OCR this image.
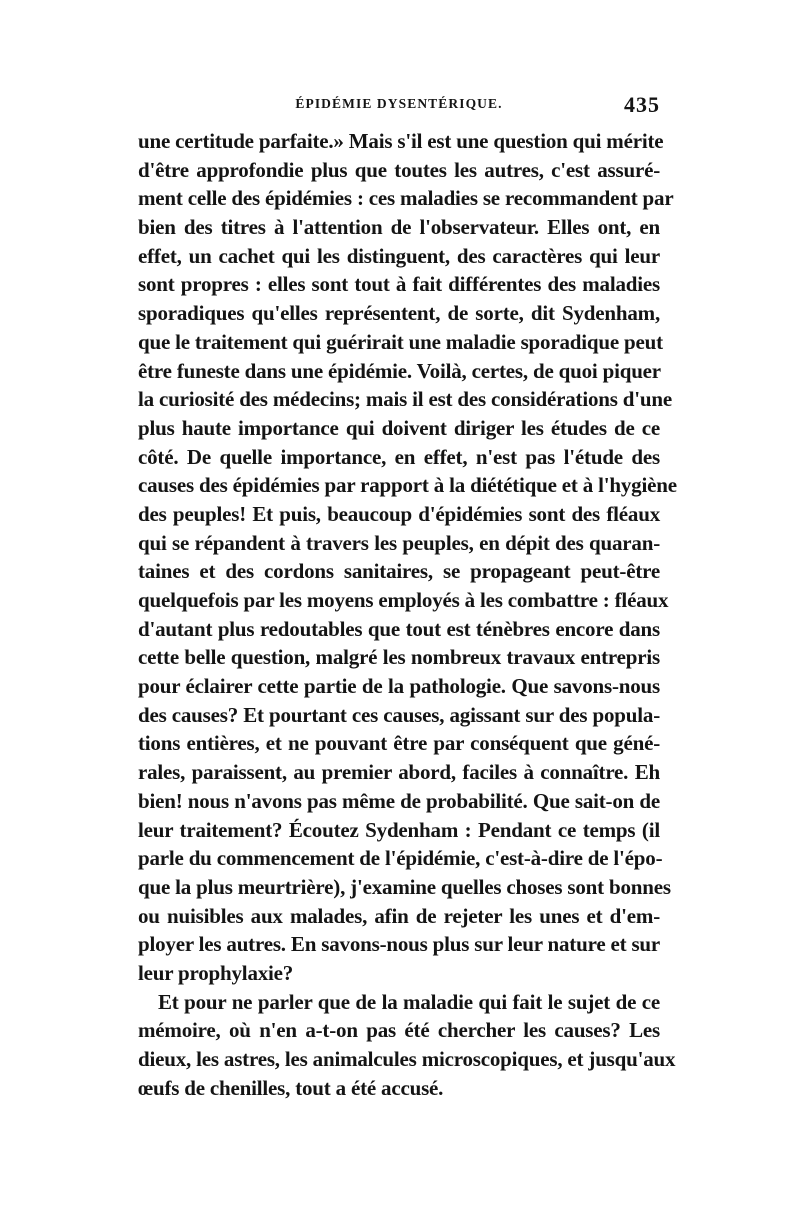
ÉPIDÉMIE DYSENTÉRIQUE.	435
une certitude parfaite.» Mais s'il est une question qui mérite
d'être approfondie plus que toutes les autres, c'est assuré-
ment celle des épidémies : ces maladies se recommandent par
bien des titres à l'attention de l'observateur. Elles ont, en
effet, un cachet qui les distinguent, des caractères qui leur
sont propres : elles sont tout à fait différentes des maladies
sporadiques qu'elles représentent, de sorte, dit Sydenham,
que le traitement qui guérirait une maladie sporadique peut
être funeste dans une épidémie. Voilà, certes, de quoi piquer
la curiosité des médecins; mais il est des considérations d'une
plus haute importance qui doivent diriger les études de ce
côté. De quelle importance, en effet, n'est pas l'étude des
causes des épidémies par rapport à la diététique et à l'hygiène
des peuples! Et puis, beaucoup d'épidémies sont des fléaux
qui se répandent à travers les peuples, en dépit des quaran-
taines et des cordons sanitaires, se propageant peut-être
quelquefois par les moyens employés à les combattre : fléaux
d'autant plus redoutables que tout est ténèbres encore dans
cette belle question, malgré les nombreux travaux entrepris
pour éclairer cette partie de la pathologie. Que savons-nous
des causes? Et pourtant ces causes, agissant sur des popula-
tions entières, et ne pouvant être par conséquent que géné-
rales, paraissent, au premier abord, faciles à connaître. Eh
bien! nous n'avons pas même de probabilité. Que sait-on de
leur traitement? Écoutez Sydenham : Pendant ce temps (il
parle du commencement de l'épidémie, c'est-à-dire de l'épo-
que la plus meurtrière), j'examine quelles choses sont bonnes
ou nuisibles aux malades, afin de rejeter les unes et d'em-
ployer les autres. En savons-nous plus sur leur nature et sur
leur prophylaxie?
Et pour ne parler que de la maladie qui fait le sujet de ce
mémoire, où n'en a-t-on pas été chercher les causes? Les
dieux, les astres, les animalcules microscopiques, et jusqu'aux
œufs de chenilles, tout a été accusé.
